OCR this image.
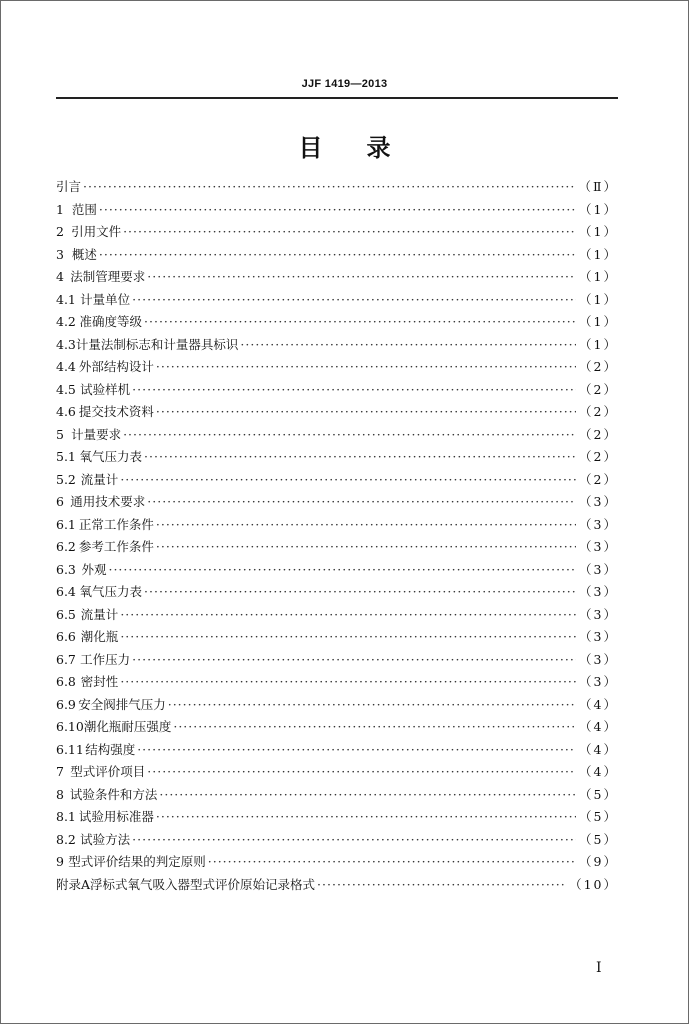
JJF 1419—2013
目录
引言 ·····	（Ⅱ）
1 范围 ·····	（1）
2 引用文件 ·····	（1）
3 概述 ·····	（1）
4 法制管理要求 ·····	（1）
4.1 计量单位 ·····	（1）
4.2 准确度等级 ·····	（1）
4.3 计量法制标志和计量器具标识 ·····	（1）
4.4 外部结构设计 ·····	（2）
4.5 试验样机 ·····	（2）
4.6 提交技术资料 ·····	（2）
5 计量要求 ·····	（2）
5.1 氧气压力表 ·····	（2）
5.2 流量计 ·····	（2）
6 通用技术要求 ·····	（3）
6.1 正常工作条件 ·····	（3）
6.2 参考工作条件 ·····	（3）
6.3 外观 ·····	（3）
6.4 氧气压力表 ·····	（3）
6.5 流量计 ·····	（3）
6.6 潮化瓶 ·····	（3）
6.7 工作压力 ·····	（3）
6.8 密封性 ·····	（3）
6.9 安全阀排气压力 ·····	（4）
6.10 潮化瓶耐压强度 ·····	（4）
6.11 结构强度 ·····	（4）
7 型式评价项目 ·····	（4）
8 试验条件和方法 ·····	（5）
8.1 试验用标准器 ·····	（5）
8.2 试验方法 ·····	（5）
9 型式评价结果的判定原则 ·····	（9）
附录A 浮标式氧气吸入器型式评价原始记录格式 ·····	（10）
I
